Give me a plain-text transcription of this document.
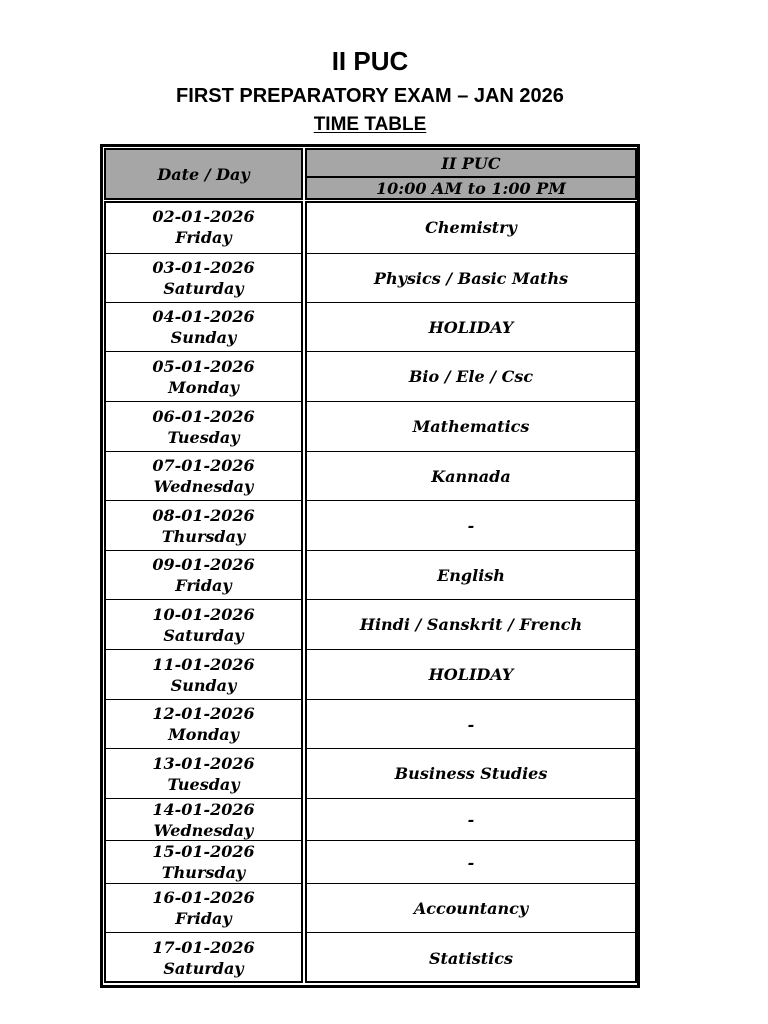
II PUC
FIRST PREPARATORY EXAM – JAN 2026
TIME TABLE
Date / Day
II PUC
10:00 AM to 1:00 PM
02-01-2026
Friday
Chemistry
03-01-2026
Saturday
Physics / Basic Maths
04-01-2026
Sunday
HOLIDAY
05-01-2026
Monday
Bio / Ele / Csc
06-01-2026
Tuesday
Mathematics
07-01-2026
Wednesday
Kannada
08-01-2026
Thursday
-
09-01-2026
Friday
English
10-01-2026
Saturday
Hindi / Sanskrit / French
11-01-2026
Sunday
HOLIDAY
12-01-2026
Monday
-
13-01-2026
Tuesday
Business Studies
14-01-2026
Wednesday
-
15-01-2026
Thursday
-
16-01-2026
Friday
Accountancy
17-01-2026
Saturday
Statistics
